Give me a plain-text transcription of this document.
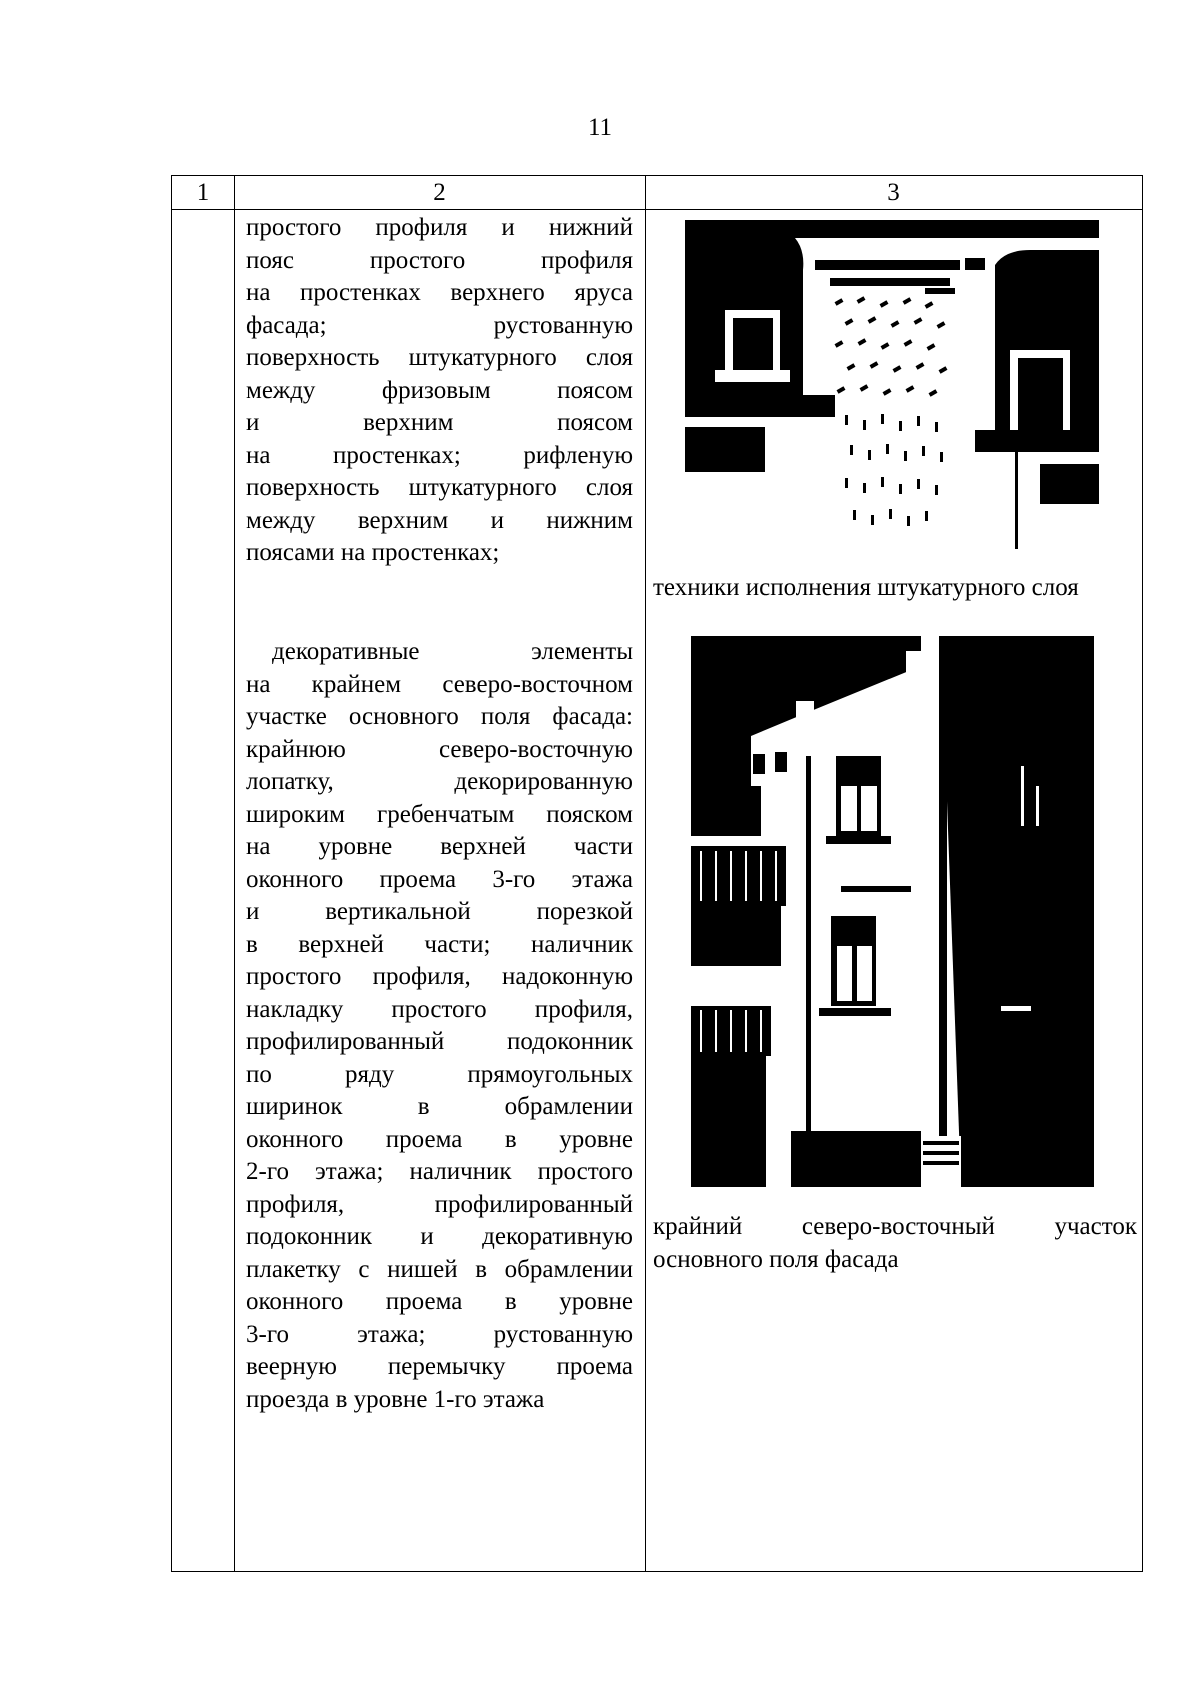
11
1	2	3
простого профиля и нижний
пояс простого профиля
на простенках верхнего яруса
фасада; рустованную
поверхность штукатурного слоя
между фризовым поясом
и верхним поясом
на простенках; рифленую
поверхность штукатурного слоя
между верхним и нижним
поясами на простенках;
декоративные элементы
на крайнем северо-восточном
участке основного поля фасада:
крайнюю северо-восточную
лопатку, декорированную
широким гребенчатым пояском
на уровне верхней части
оконного проема 3-го этажа
и вертикальной порезкой
в верхней части; наличник
простого профиля, надоконную
накладку простого профиля,
профилированный подоконник
по ряду прямоугольных
ширинок в обрамлении
оконного проема в уровне
2-го этажа; наличник простого
профиля, профилированный
подоконник и декоративную
плакетку с нишей в обрамлении
оконного проема в уровне
3-го этажа; рустованную
веерную перемычку проема
проезда в уровне 1-го этажа
техники исполнения штукатурного слоя
крайний северо-восточный участок
основного поля фасада
